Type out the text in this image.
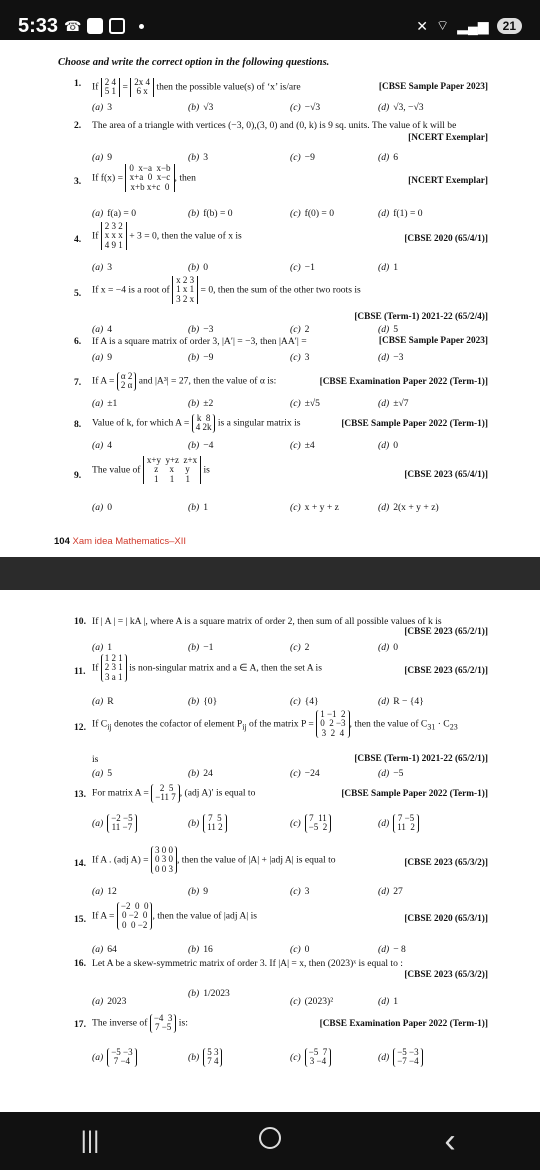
5:33 ☎	✕ ⌔ ▂▄▆	21
Choose and write the correct option in the following questions.
1. If 2 4
5 1 = 2x 4
6 x then the possible value(s) of ‘x’ is/are	[CBSE Sample Paper 2023]
(a) 3	(b) √3	(c) −√3	(d) √3, −√3
2. The area of a triangle with vertices (−3, 0),(3, 0) and (0, k) is 9 sq. units. The value of k will be
[NCERT Exemplar]
(a) 9	(b) 3	(c) −9	(d) 6
3. If f(x) = 0  x−a  x−b
x+a  0  x−c
x+b x+c  0, then	[NCERT Exemplar]
(a) f(a) = 0	(b) f(b) = 0	(c) f(0) = 0	(d) f(1) = 0
4. If 2 3 2
x x x
4 9 1 + 3 = 0, then the value of x is	[CBSE 2020 (65/4/1)]
(a) 3	(b) 0	(c) −1	(d) 1
5. If x = −4 is a root of x 2 3
1 x 1
3 2 x = 0, then the sum of the other two roots is
[CBSE (Term-1) 2021-22 (65/2/4)]
(a) 4	(b) −3	(c) 2	(d) 5
6. If A is a square matrix of order 3, |A′| = −3, then |AA′| =	[CBSE Sample Paper 2023]
(a) 9	(b) −9	(c) 3	(d) −3
7. If A = α 2
2 α and |A³| = 27, then the value of α is:	[CBSE Examination Paper 2022 (Term-1)]
(a) ±1	(b) ±2	(c) ±√5	(d) ±√7
8. Value of k, for which A = k  8
4 2k is a singular matrix is	[CBSE Sample Paper 2022 (Term-1)]
(a) 4	(b) −4	(c) ±4	(d) 0
9.
The value of x+y  y+z  z+x
z     x     y
1     1     1 is	[CBSE 2023 (65/4/1)]
(a) 0	(b) 1	(c) x + y + z	(d) 2(x + y + z)
104 Xam idea Mathematics–XII
10. If | A | = | kA |, where A is a square matrix of order 2, then sum of all possible values of k is
[CBSE 2023 (65/2/1)]
(a) 1	(b) −1	(c) 2	(d) 0
11. If 1 2 1
2 3 1
3 a 1 is non-singular matrix and a ∈ A, then the set A is	[CBSE 2023 (65/2/1)]
(a) R	(b) {0}	(c) {4}	(d) R − {4}
12. If $C_{ij}$ denotes the cofactor of element $P_{ij}$ of the matrix P = 1 −1  2
0  2 −3
3  2  4, then the value of $C_{31} \cdot C_{23}$
is	[CBSE (Term-1) 2021-22 (65/2/1)]
(a) 5	(b) 24	(c) −24	(d) −5
13. For matrix A =  2  5
−11 7 , (adj A)′ is equal to	[CBSE Sample Paper 2022 (Term-1)]
(a) −2 −5
11 −7	(b) 7  5
11 2	(c) 7  11
−5  2	(d) 7 −5
11  2
14. If A . (adj A) = 3 0 0
0 3 0
0 0 3, then the value of |A| + |adj A| is equal to	[CBSE 2023 (65/3/2)]
(a) 12	(b) 9	(c) 3	(d) 27
15. If A = −2  0  0
0 −2  0
0  0 −2, then the value of |adj A| is	[CBSE 2020 (65/3/1)]
(a) 64	(b) 16	(c) 0	(d) − 8
16. Let A be a skew-symmetric matrix of order 3. If |A| = x, then (2023)ˣ is equal to :
[CBSE 2023 (65/3/2)]
(a) 2023
(b) 1/2023
(c) (2023)²	(d) 1
17. The inverse of −4  3
7 −5 is:	[CBSE Examination Paper 2022 (Term-1)]
(a) −5 −3
7 −4	(b) 5 3
7 4	(c) −5  7
3 −4	(d) −5 −3
−7 −4
|||	‹
